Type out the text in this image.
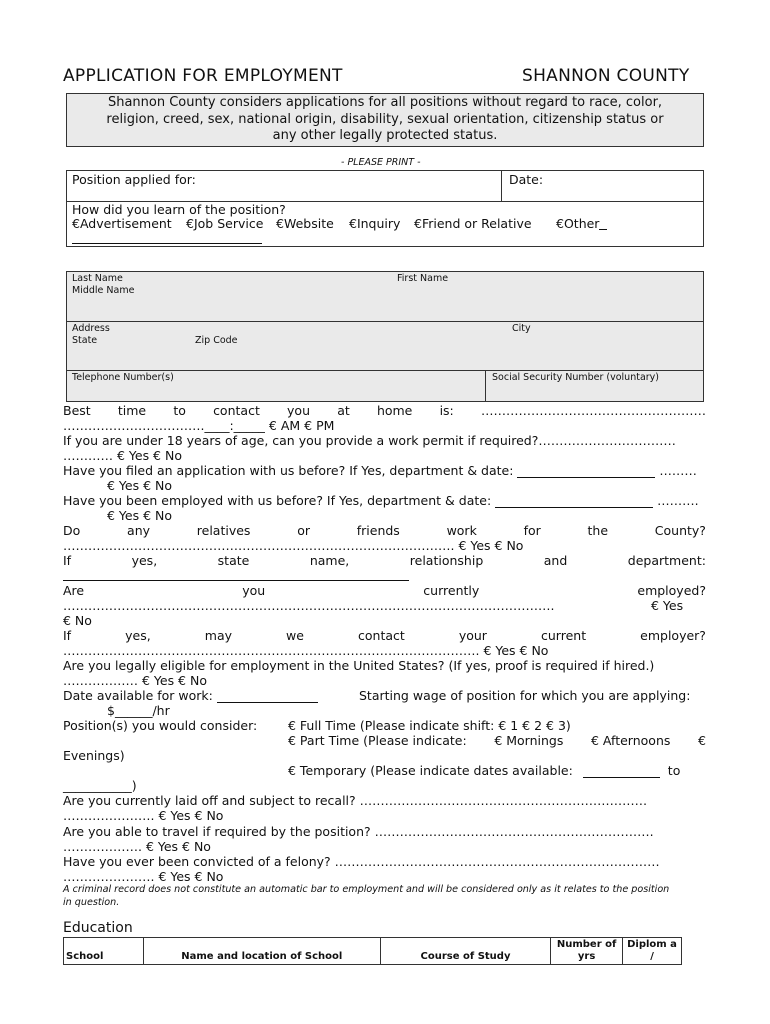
APPLICATION FOR EMPLOYMENT	SHANNON COUNTY
Shannon County considers applications for all positions without regard to race, color,
religion, creed, sex, national origin, disability, sexual orientation, citizenship status or
any other legally protected status.
- PLEASE PRINT -
Position applied for:	Date:
How did you learn of the position?
€Advertisement €Job Service €Website €Inquiry €Friend or Relative €Other
Last Name	First Name
Middle Name
Address	City
State	Zip Code
Telephone Number(s)	Social Security Number (voluntary)
Best time to contact you at home is: ………………………………………………
…………………………….____:_____ € AM € PM
If you are under 18 years of age, can you provide a work permit if required?……………………………
………… € Yes € No
Have you filed an application with us before? If Yes, department & date:	………
€ Yes € No
Have you been employed with us before? If Yes, department & date:	……….
€ Yes € No
Do	any	relatives	or	friends	work	for	the	County?
…………………………………………………………………………………. € Yes € No
If	yes,	state	name,	relationship	and	department:
Are	you	currently	employed?
……………………………………………………………………………………………………….	€ Yes
€ No
If	yes,	may	we	contact	your	current	employer?
………………………………………………………………………………………. € Yes € No
Are you legally eligible for employment in the United States? (If yes, proof is required if hired.)
……………… € Yes € No
Date available for work:	Starting wage of position for which you are applying:
$______/hr
Position(s) you would consider: € Full Time (Please indicate shift: € 1 € 2 € 3)
€ Part Time (Please indicate: € Mornings € Afternoons €
Evenings)
€ Temporary (Please indicate dates available:	to
___________)
Are you currently laid off and subject to recall? ……………………………………………………………
…………………. € Yes € No
Are you able to travel if required by the position? ………………………………………………………….
………………. € Yes € No
Have you ever been convicted of a felony? ……………………………………………………………………
…………………. € Yes € No
A criminal record does not constitute an automatic bar to employment and will be considered only as it relates to the position
in question.
Education
School	Name and location of School	Course of Study	Number of yrs	Diplom a /
